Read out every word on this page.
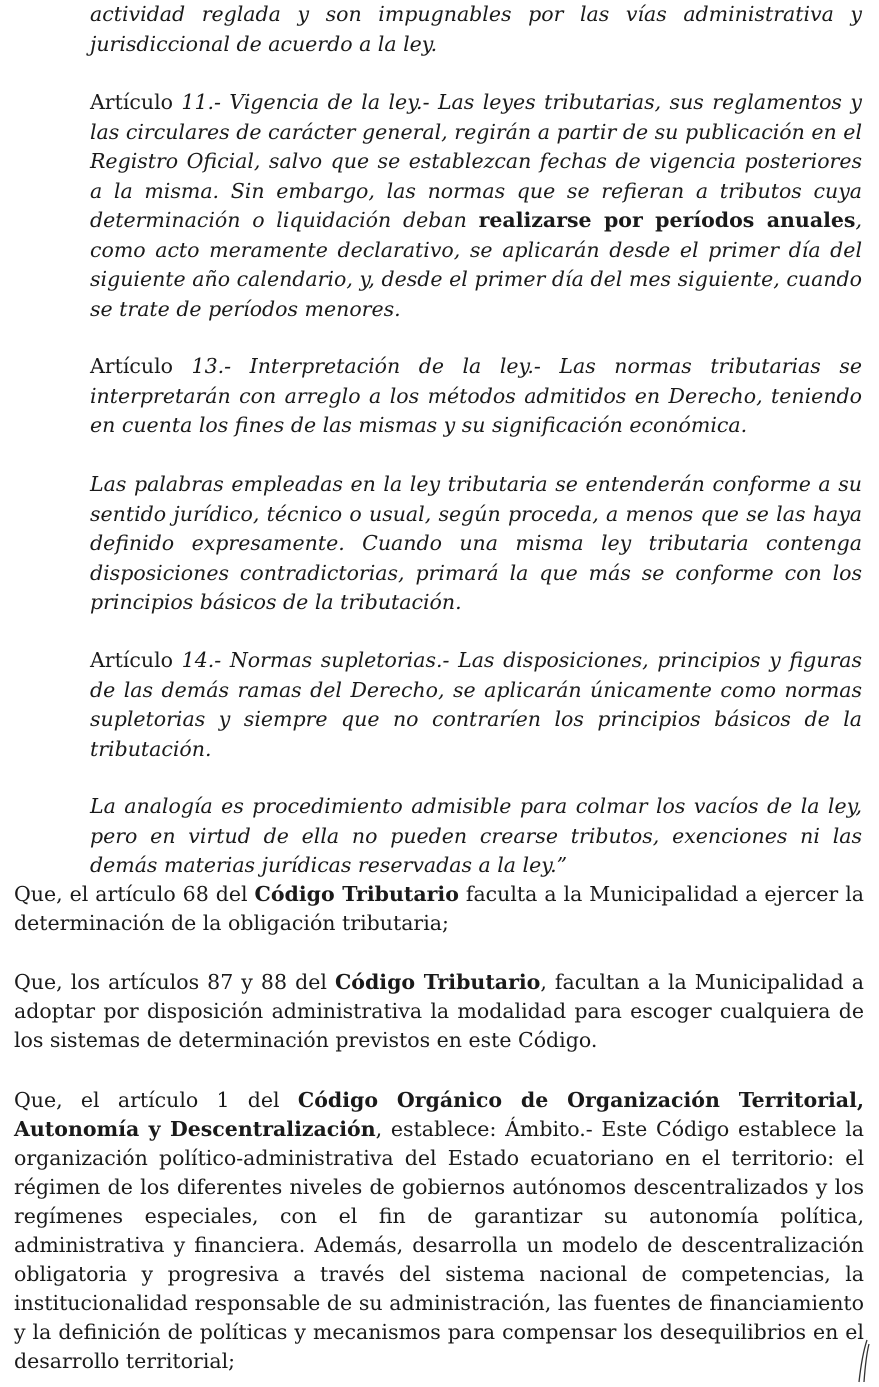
actividad reglada y son impugnables por las vías administrativa y jurisdiccional de acuerdo a la ley.

Artículo 11.- Vigencia de la ley.- Las leyes tributarias, sus reglamentos y las circulares de carácter general, regirán a partir de su publicación en el Registro Oficial, salvo que se establezcan fechas de vigencia posteriores a la misma. Sin embargo, las normas que se refieran a tributos cuya determinación o liquidación deban realizarse por períodos anuales, como acto meramente declarativo, se aplicarán desde el primer día del siguiente año calendario, y, desde el primer día del mes siguiente, cuando se trate de períodos menores.

Artículo 13.- Interpretación de la ley.- Las normas tributarias se interpretarán con arreglo a los métodos admitidos en Derecho, teniendo en cuenta los fines de las mismas y su significación económica.

Las palabras empleadas en la ley tributaria se entenderán conforme a su sentido jurídico, técnico o usual, según proceda, a menos que se las haya definido expresamente. Cuando una misma ley tributaria contenga disposiciones contradictorias, primará la que más se conforme con los principios básicos de la tributación.

Artículo 14.- Normas supletorias.- Las disposiciones, principios y figuras de las demás ramas del Derecho, se aplicarán únicamente como normas supletorias y siempre que no contraríen los principios básicos de la tributación.

La analogía es procedimiento admisible para colmar los vacíos de la ley, pero en virtud de ella no pueden crearse tributos, exenciones ni las demás materias jurídicas reservadas a la ley.”

Que, el artículo 68 del Código Tributario faculta a la Municipalidad a ejercer la determinación de la obligación tributaria;

Que, los artículos 87 y 88 del Código Tributario, facultan a la Municipalidad a adoptar por disposición administrativa la modalidad para escoger cualquiera de los sistemas de determinación previstos en este Código.

Que, el artículo 1 del Código Orgánico de Organización Territorial, Autonomía y Descentralización, establece: Ámbito.- Este Código establece la organización político-administrativa del Estado ecuatoriano en el territorio: el régimen de los diferentes niveles de gobiernos autónomos descentralizados y los regímenes especiales, con el fin de garantizar su autonomía política, administrativa y financiera. Además, desarrolla un modelo de descentralización obligatoria y progresiva a través del sistema nacional de competencias, la institucionalidad responsable de su administración, las fuentes de financiamiento y la definición de políticas y mecanismos para compensar los desequilibrios en el desarrollo territorial;
